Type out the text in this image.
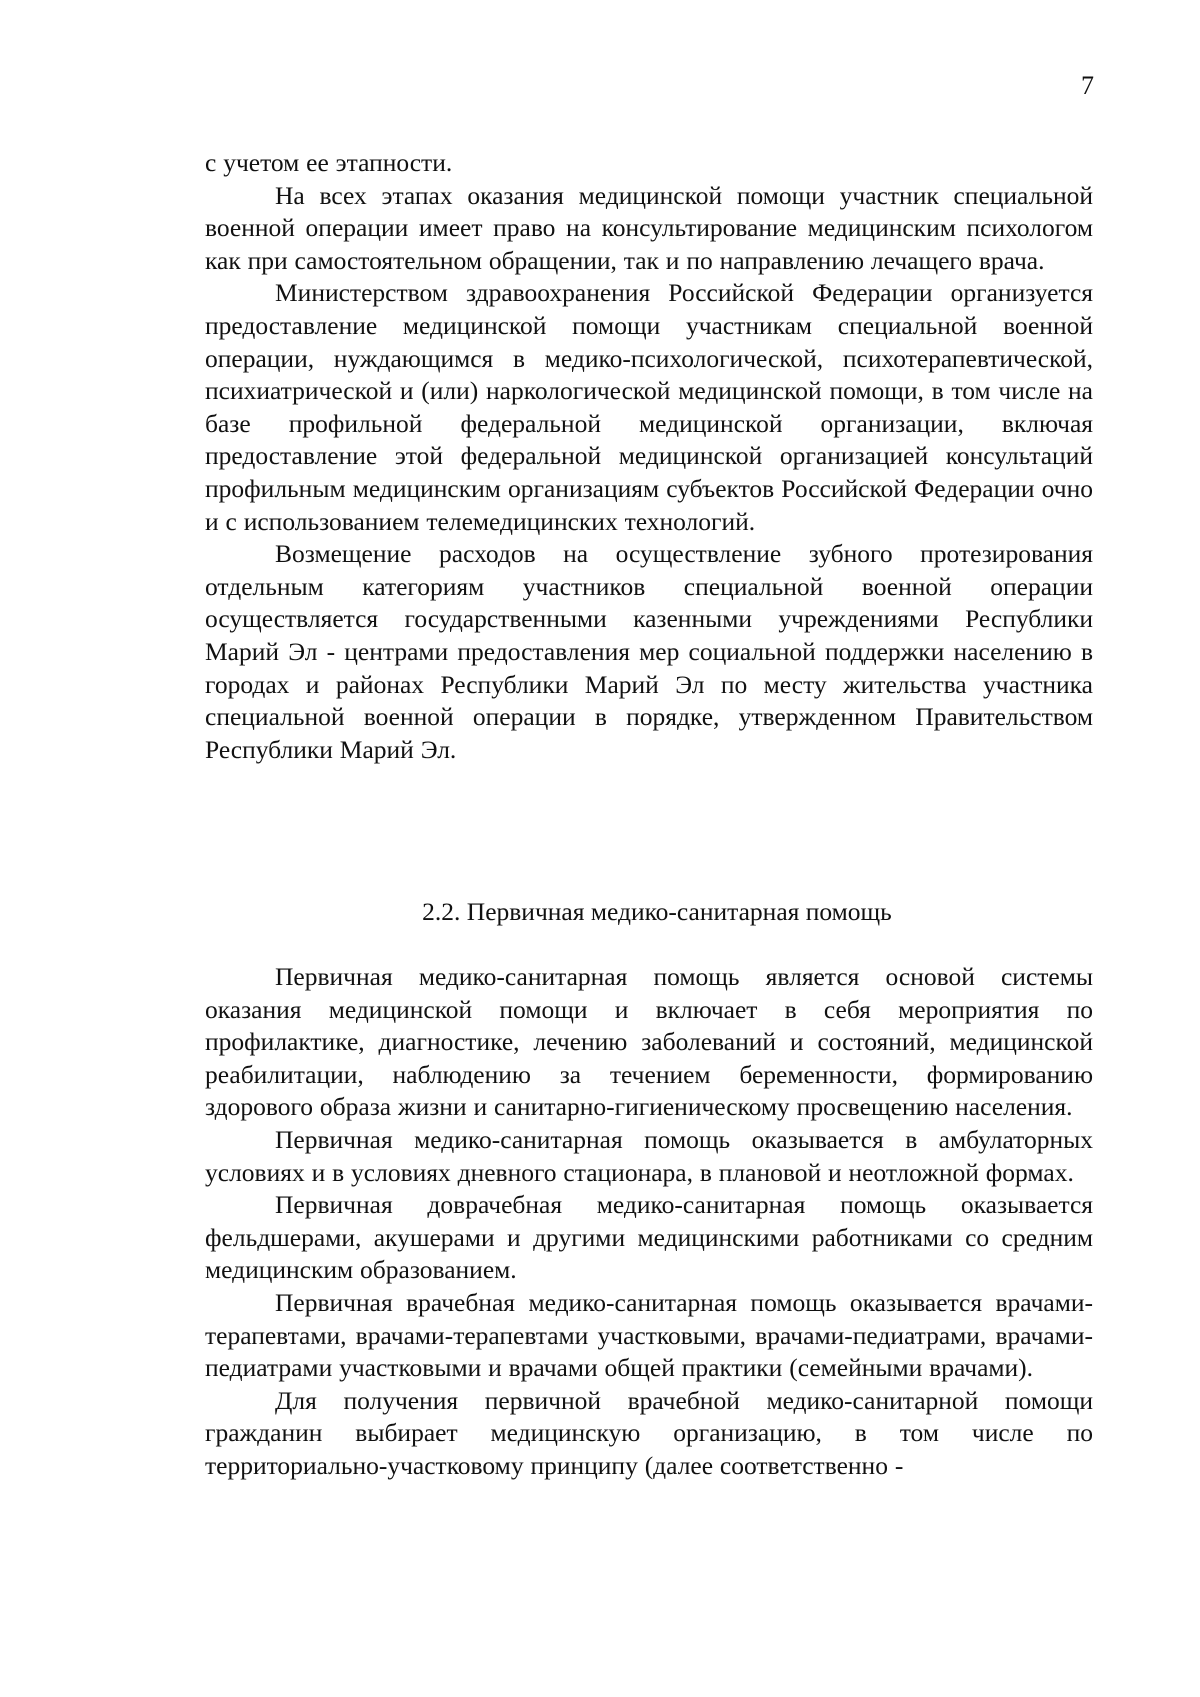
7

с учетом ее этапности.

На всех этапах оказания медицинской помощи участник специальной военной операции имеет право на консультирование медицинским психологом как при самостоятельном обращении, так и по направлению лечащего врача.

Министерством здравоохранения Российской Федерации организуется предоставление медицинской помощи участникам специальной военной операции, нуждающимся в медико-психологической, психотерапевтической, психиатрической и (или) наркологической медицинской помощи, в том числе на базе профильной федеральной медицинской организации, включая предоставление этой федеральной медицинской организацией консультаций профильным медицинским организациям субъектов Российской Федерации очно и с использованием телемедицинских технологий.

Возмещение расходов на осуществление зубного протезирования отдельным категориям участников специальной военной операции осуществляется государственными казенными учреждениями Республики Марий Эл - центрами предоставления мер социальной поддержки населению в городах и районах Республики Марий Эл по месту жительства участника специальной военной операции в порядке, утвержденном Правительством Республики Марий Эл.

2.2. Первичная медико-санитарная помощь

Первичная медико-санитарная помощь является основой системы оказания медицинской помощи и включает в себя мероприятия по профилактике, диагностике, лечению заболеваний и состояний, медицинской реабилитации, наблюдению за течением беременности, формированию здорового образа жизни и санитарно-гигиеническому просвещению населения.

Первичная медико-санитарная помощь оказывается в амбулаторных условиях и в условиях дневного стационара, в плановой и неотложной формах.

Первичная доврачебная медико-санитарная помощь оказывается фельдшерами, акушерами и другими медицинскими работниками со средним медицинским образованием.

Первичная врачебная медико-санитарная помощь оказывается врачами-терапевтами, врачами-терапевтами участковыми, врачами-педиатрами, врачами-педиатрами участковыми и врачами общей практики (семейными врачами).

Для получения первичной врачебной медико-санитарной помощи гражданин выбирает медицинскую организацию, в том числе по территориально-участковому принципу (далее соответственно -
